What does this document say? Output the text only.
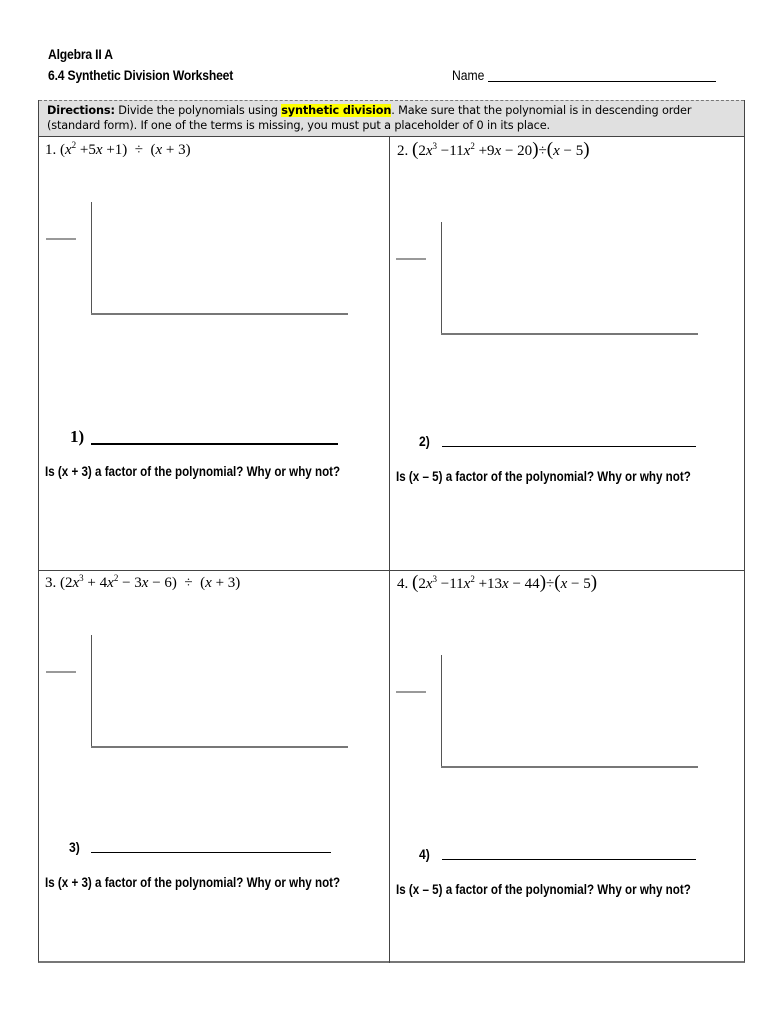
Algebra II A
6.4 Synthetic Division Worksheet	Name
Directions: Divide the polynomials using synthetic division. Make sure that the polynomial is in descending order (standard form). If one of the terms is missing, you must put a placeholder of 0 in its place.
1. $(x^2 +5x +1) \div (x + 3)$
1)
Is (x + 3) a factor of the polynomial? Why or why not?
2. $(2x^3 -11x^2 +9x - 20)\div(x - 5)$
2)
Is (x – 5) a factor of the polynomial? Why or why not?
3. $(2x^3 + 4x^2 - 3x - 6) \div (x + 3)$
3)
Is (x + 3) a factor of the polynomial? Why or why not?
4. $(2x^3 -11x^2 +13x - 44)\div(x - 5)$
4)
Is (x – 5) a factor of the polynomial? Why or why not?
